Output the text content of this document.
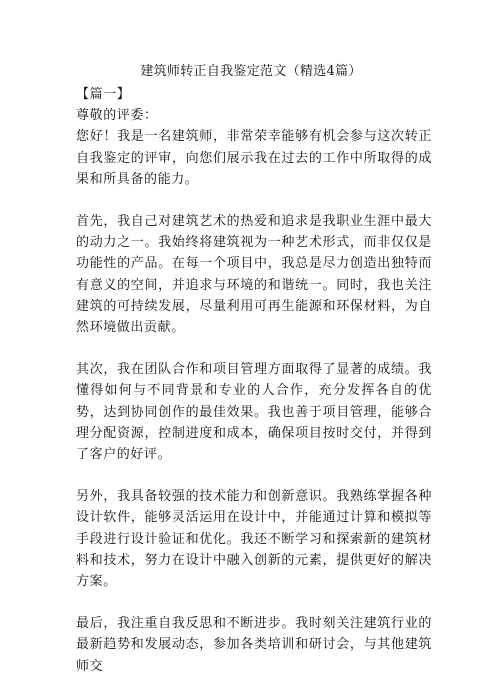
建筑师转正自我鉴定范文（精选4篇）

【篇一】

尊敬的评委：

您好！我是一名建筑师，非常荣幸能够有机会参与这次转正自我鉴定的评审，向您们展示我在过去的工作中所取得的成果和所具备的能力。

首先，我自己对建筑艺术的热爱和追求是我职业生涯中最大的动力之一。我始终将建筑视为一种艺术形式，而非仅仅是功能性的产品。在每一个项目中，我总是尽力创造出独特而有意义的空间，并追求与环境的和谐统一。同时，我也关注建筑的可持续发展，尽量利用可再生能源和环保材料，为自然环境做出贡献。

其次，我在团队合作和项目管理方面取得了显著的成绩。我懂得如何与不同背景和专业的人合作，充分发挥各自的优势，达到协同创作的最佳效果。我也善于项目管理，能够合理分配资源，控制进度和成本，确保项目按时交付，并得到了客户的好评。

另外，我具备较强的技术能力和创新意识。我熟练掌握各种设计软件，能够灵活运用在设计中，并能通过计算和模拟等手段进行设计验证和优化。我还不断学习和探索新的建筑材料和技术，努力在设计中融入创新的元素，提供更好的解决方案。

最后，我注重自我反思和不断进步。我时刻关注建筑行业的最新趋势和发展动态，参加各类培训和研讨会，与其他建筑师交
